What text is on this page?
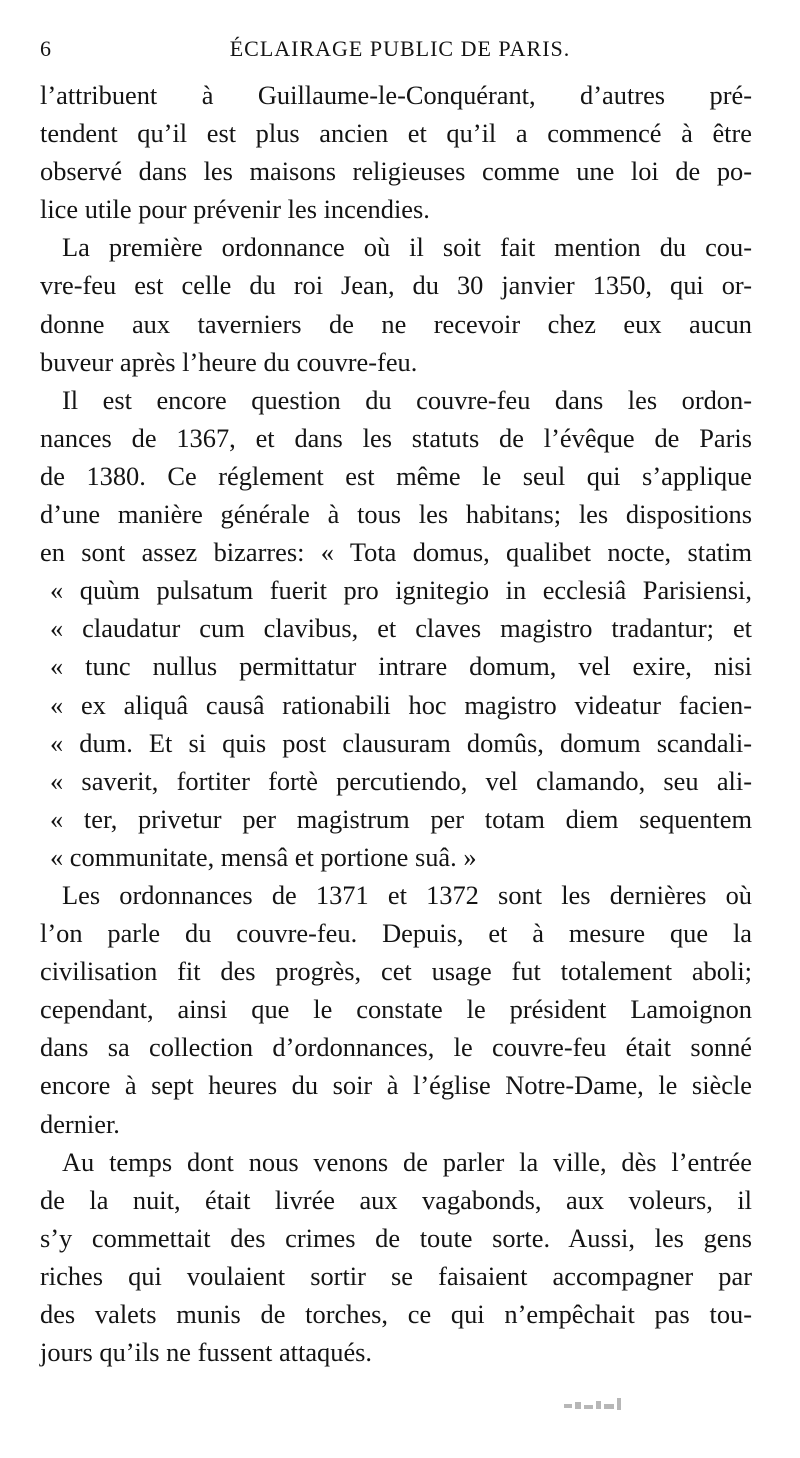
6	ÉCLAIRAGE PUBLIC DE PARIS.
l’attribuent à Guillaume-le-Conquérant, d’autres pré-
tendent qu’il est plus ancien et qu’il a commencé à être
observé dans les maisons religieuses comme une loi de po-
lice utile pour prévenir les incendies.
La première ordonnance où il soit fait mention du cou-
vre-feu est celle du roi Jean, du 30 janvier 1350, qui or-
donne aux taverniers de ne recevoir chez eux aucun
buveur après l’heure du couvre-feu.
Il est encore question du couvre-feu dans les ordon-
nances de 1367, et dans les statuts de l’évêque de Paris
de 1380. Ce réglement est même le seul qui s’applique
d’une manière générale à tous les habitans; les dispositions
en sont assez bizarres: « Tota domus, qualibet nocte, statim
« quùm pulsatum fuerit pro ignitegio in ecclesiâ Parisiensi,
« claudatur cum clavibus, et claves magistro tradantur; et
« tunc nullus permittatur intrare domum, vel exire, nisi
« ex aliquâ causâ rationabili hoc magistro videatur facien-
« dum. Et si quis post clausuram domûs, domum scandali-
« saverit, fortiter fortè percutiendo, vel clamando, seu ali-
« ter, privetur per magistrum per totam diem sequentem
« communitate, mensâ et portione suâ. »
Les ordonnances de 1371 et 1372 sont les dernières où
l’on parle du couvre-feu. Depuis, et à mesure que la
civilisation fit des progrès, cet usage fut totalement aboli;
cependant, ainsi que le constate le président Lamoignon
dans sa collection d’ordonnances, le couvre-feu était sonné
encore à sept heures du soir à l’église Notre-Dame, le siècle
dernier.
Au temps dont nous venons de parler la ville, dès l’entrée
de la nuit, était livrée aux vagabonds, aux voleurs, il
s’y commettait des crimes de toute sorte. Aussi, les gens
riches qui voulaient sortir se faisaient accompagner par
des valets munis de torches, ce qui n’empêchait pas tou-
jours qu’ils ne fussent attaqués.
